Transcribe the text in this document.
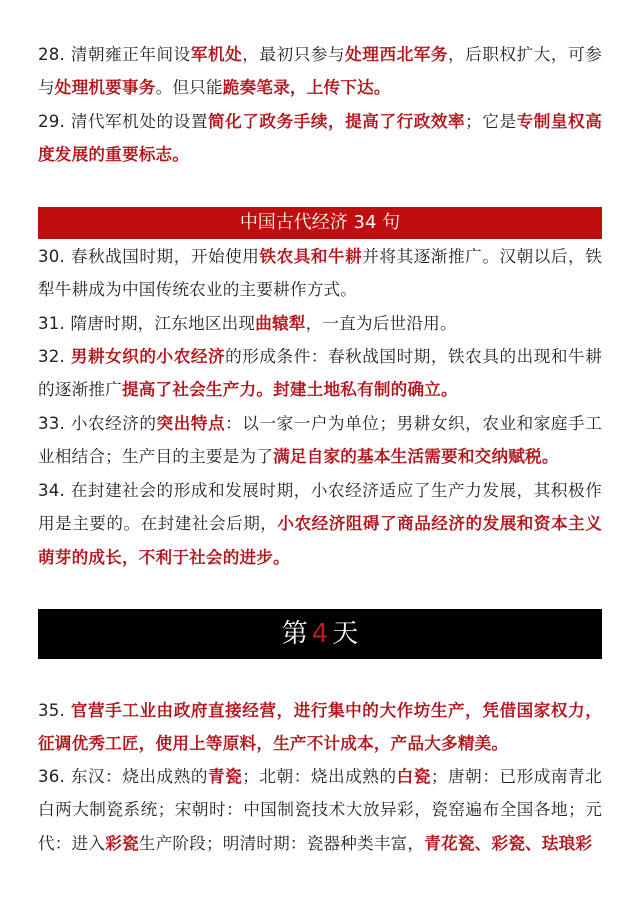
28. 清朝雍正年间设军机处，最初只参与处理西北军务，后职权扩大，可参与处理机要事务。但只能跪奏笔录，上传下达。
29. 清代军机处的设置简化了政务手续，提高了行政效率；它是专制皇权高度发展的重要标志。
中国古代经济 34 句
30. 春秋战国时期，开始使用铁农具和牛耕并将其逐渐推广。汉朝以后，铁犁牛耕成为中国传统农业的主要耕作方式。
31. 隋唐时期，江东地区出现曲辕犁，一直为后世沿用。
32. 男耕女织的小农经济的形成条件：春秋战国时期，铁农具的出现和牛耕的逐渐推广提高了社会生产力。封建土地私有制的确立。
33. 小农经济的突出特点：以一家一户为单位；男耕女织，农业和家庭手工业相结合；生产目的主要是为了满足自家的基本生活需要和交纳赋税。
34. 在封建社会的形成和发展时期，小农经济适应了生产力发展，其积极作用是主要的。在封建社会后期，小农经济阻碍了商品经济的发展和资本主义萌芽的成长，不利于社会的进步。
第 4 天
35. 官营手工业由政府直接经营，进行集中的大作坊生产，凭借国家权力，征调优秀工匠，使用上等原料，生产不计成本，产品大多精美。
36. 东汉：烧出成熟的青瓷；北朝：烧出成熟的白瓷；唐朝：已形成南青北白两大制瓷系统；宋朝时：中国制瓷技术大放异彩，瓷窑遍布全国各地；元代：进入彩瓷生产阶段；明清时期：瓷器种类丰富，青花瓷、彩瓷、珐琅彩
